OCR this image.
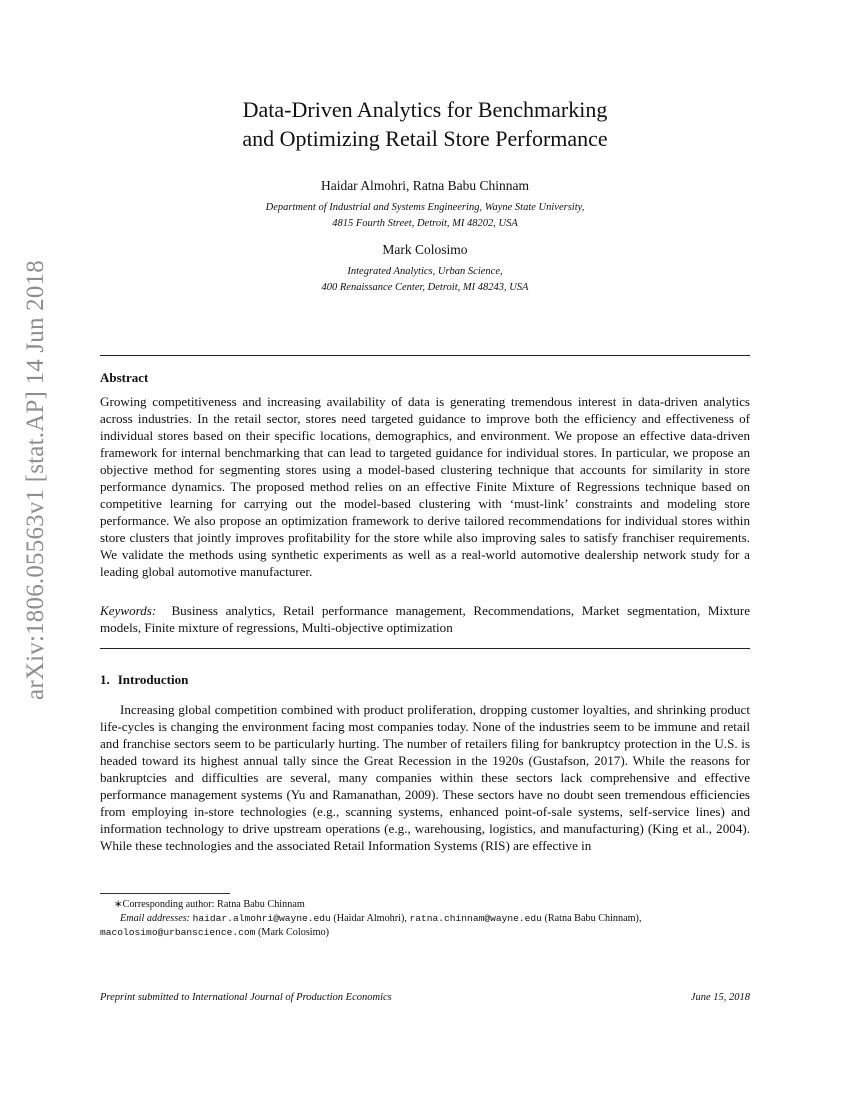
arXiv:1806.05563v1 [stat.AP] 14 Jun 2018
Data-Driven Analytics for Benchmarking
and Optimizing Retail Store Performance
Haidar Almohri, Ratna Babu Chinnam
Department of Industrial and Systems Engineering, Wayne State University,
4815 Fourth Street, Detroit, MI 48202, USA
Mark Colosimo
Integrated Analytics, Urban Science,
400 Renaissance Center, Detroit, MI 48243, USA
Abstract
Growing competitiveness and increasing availability of data is generating tremendous interest in data-driven analytics across industries. In the retail sector, stores need targeted guidance to improve both the efficiency and effectiveness of individual stores based on their specific locations, demographics, and environment. We propose an effective data-driven framework for internal benchmarking that can lead to targeted guidance for individual stores. In particular, we propose an objective method for segmenting stores using a model-based clustering technique that accounts for similarity in store performance dynamics. The proposed method relies on an effective Finite Mixture of Regressions technique based on competitive learning for carrying out the model-based clustering with ‘must-link’ constraints and modeling store performance. We also propose an optimization framework to derive tailored recommendations for individual stores within store clusters that jointly improves profitability for the store while also improving sales to satisfy franchiser requirements. We validate the methods using synthetic experiments as well as a real-world automotive dealership network study for a leading global automotive manufacturer.
Keywords: Business analytics, Retail performance management, Recommendations, Market segmentation, Mixture models, Finite mixture of regressions, Multi-objective optimization
1. Introduction
Increasing global competition combined with product proliferation, dropping customer loyalties, and shrinking product life-cycles is changing the environment facing most companies today. None of the industries seem to be immune and retail and franchise sectors seem to be particularly hurting. The number of retailers filing for bankruptcy protection in the U.S. is headed toward its highest annual tally since the Great Recession in the 1920s (Gustafson, 2017). While the reasons for bankruptcies and difficulties are several, many companies within these sectors lack comprehensive and effective performance management systems (Yu and Ramanathan, 2009). These sectors have no doubt seen tremendous efficiencies from employing in-store technologies (e.g., scanning systems, enhanced point-of-sale systems, self-service lines) and information technology to drive upstream operations (e.g., warehousing, logistics, and manufacturing) (King et al., 2004). While these technologies and the associated Retail Information Systems (RIS) are effective in
∗Corresponding author: Ratna Babu Chinnam
Email addresses: haidar.almohri@wayne.edu (Haidar Almohri), ratna.chinnam@wayne.edu (Ratna Babu Chinnam),
macolosimo@urbanscience.com (Mark Colosimo)
Preprint submitted to International Journal of Production Economics	June 15, 2018
